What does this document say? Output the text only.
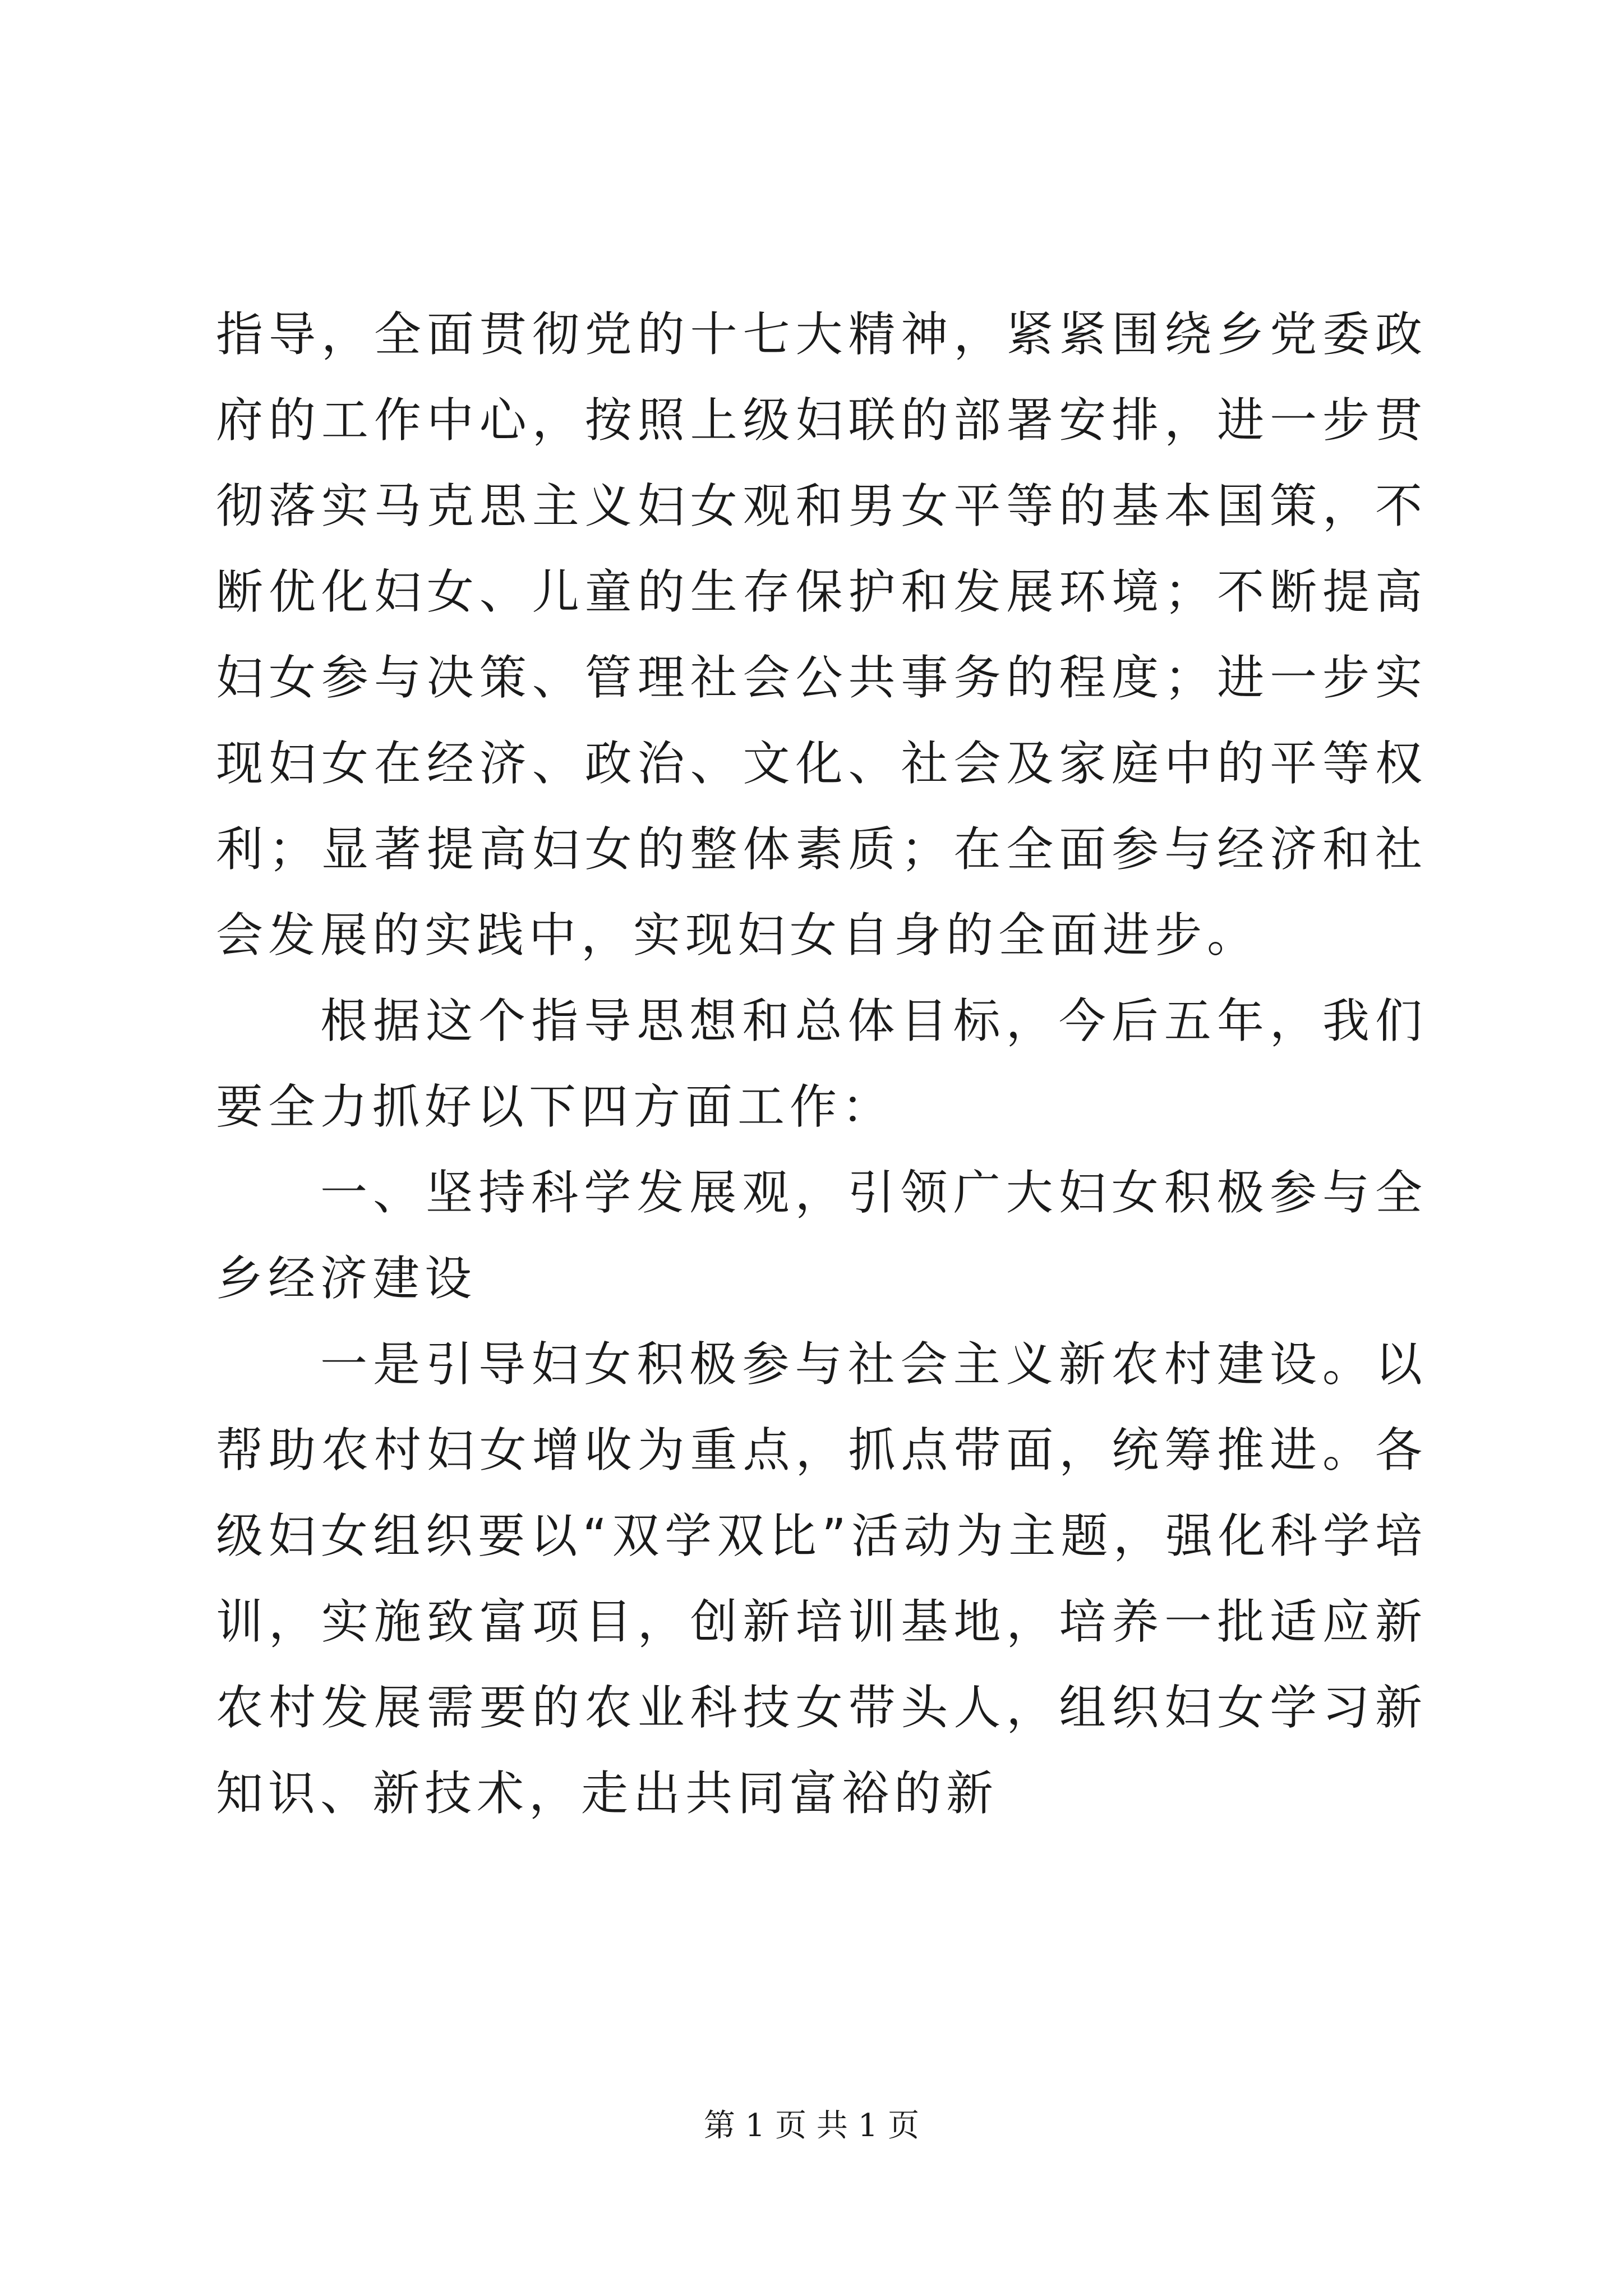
指导，全面贯彻党的十七大精神，紧紧围绕乡党委政府的工作中心，按照上级妇联的部署安排，进一步贯彻落实马克思主义妇女观和男女平等的基本国策，不断优化妇女、儿童的生存保护和发展环境；不断提高妇女参与决策、管理社会公共事务的程度；进一步实现妇女在经济、政治、文化、社会及家庭中的平等权利；显著提高妇女的整体素质；在全面参与经济和社会发展的实践中，实现妇女自身的全面进步。

根据这个指导思想和总体目标，今后五年，我们要全力抓好以下四方面工作：

一、坚持科学发展观，引领广大妇女积极参与全乡经济建设

一是引导妇女积极参与社会主义新农村建设。以帮助农村妇女增收为重点，抓点带面，统筹推进。各级妇女组织要以“双学双比”活动为主题，强化科学培训，实施致富项目，创新培训基地，培养一批适应新农村发展需要的农业科技女带头人，组织妇女学习新知识、新技术，走出共同富裕的新

第 1 页 共 1 页
